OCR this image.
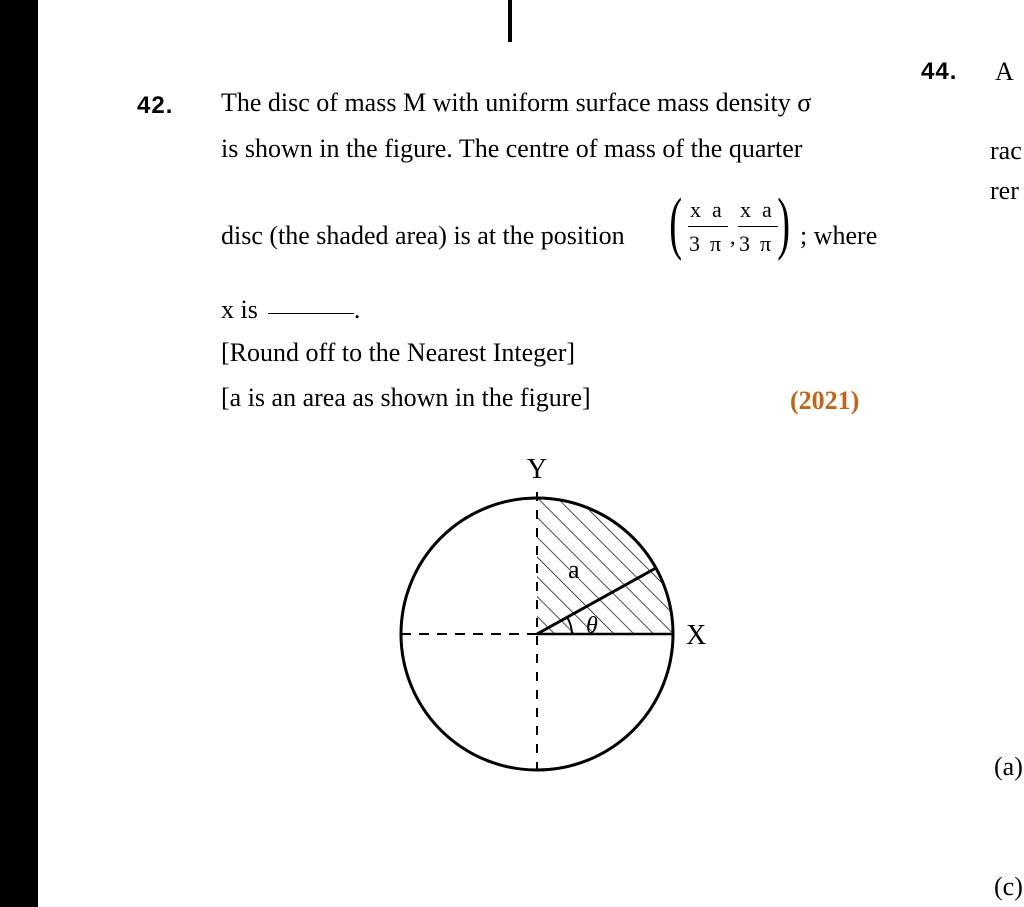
42. The disc of mass M with uniform surface mass density σ
is shown in the figure. The centre of mass of the quarter
disc (the shaded area) is at the position ( x a
3 π ,
x a
3 π ) ; where
x is	.
[Round off to the Nearest Integer]
[a is an area as shown in the figure]	(2021)
Y
X
a
θ
44. A
rac
rer
(a)
(c)
